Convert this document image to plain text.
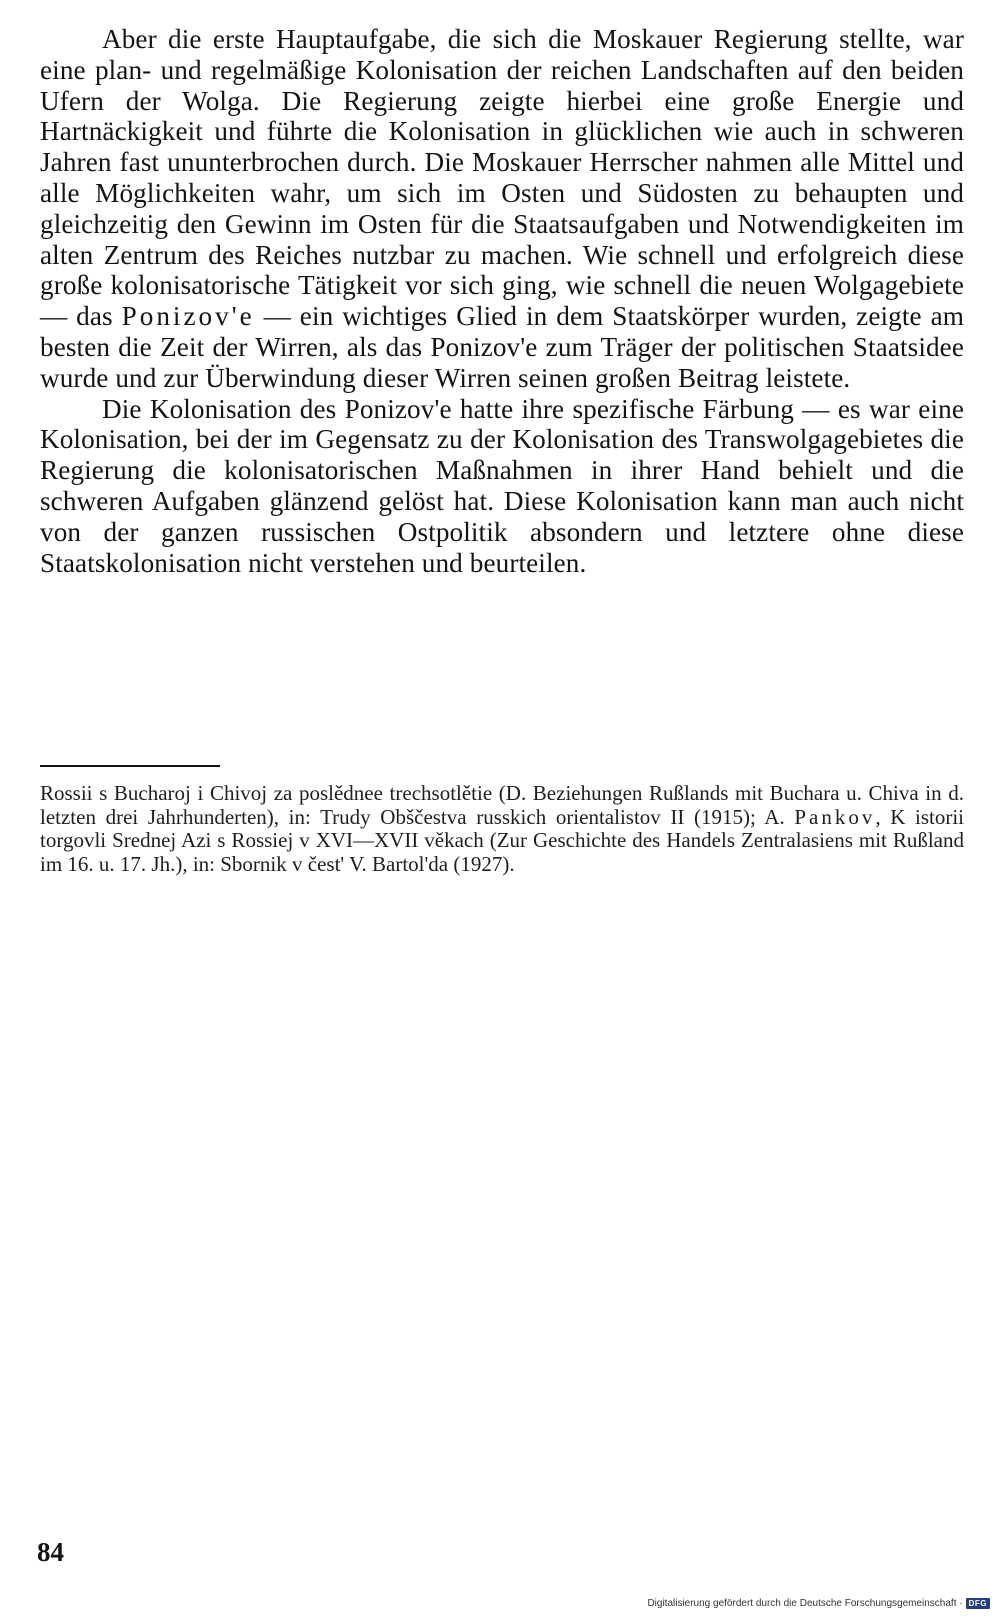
Aber die erste Hauptaufgabe, die sich die Moskauer Regierung stellte, war eine plan- und regelmäßige Kolonisation der reichen Landschaften auf den beiden Ufern der Wolga. Die Regierung zeigte hierbei eine große Energie und Hartnäckigkeit und führte die Kolonisation in glücklichen wie auch in schweren Jahren fast ununterbrochen durch. Die Moskauer Herrscher nahmen alle Mittel und alle Möglichkeiten wahr, um sich im Osten und Südosten zu behaupten und gleichzeitig den Gewinn im Osten für die Staatsaufgaben und Notwendigkeiten im alten Zentrum des Reiches nutzbar zu machen. Wie schnell und erfolgreich diese große kolonisatorische Tätigkeit vor sich ging, wie schnell die neuen Wolgagebiete — das Ponizov'e — ein wichtiges Glied in dem Staatskörper wurden, zeigte am besten die Zeit der Wirren, als das Ponizov'e zum Träger der politischen Staatsidee wurde und zur Überwindung dieser Wirren seinen großen Beitrag leistete.

Die Kolonisation des Ponizov'e hatte ihre spezifische Färbung — es war eine Kolonisation, bei der im Gegensatz zu der Kolonisation des Transwolgagebietes die Regierung die kolonisatorischen Maßnahmen in ihrer Hand behielt und die schweren Aufgaben glänzend gelöst hat. Diese Kolonisation kann man auch nicht von der ganzen russischen Ostpolitik absondern und letztere ohne diese Staatskolonisation nicht verstehen und beurteilen.

Rossii s Bucharoj i Chivoj za poslědnee trechsotlětie (D. Beziehungen Rußlands mit Buchara u. Chiva in d. letzten drei Jahrhunderten), in: Trudy Obščestva russkich orientalistov II (1915); A. Pankov, K istorii torgovli Srednej Azi s Rossiej v XVI—XVII věkach (Zur Geschichte des Handels Zentralasiens mit Rußland im 16. u. 17. Jh.), in: Sbornik v čest' V. Bartol'da (1927).

84
Digitalisierung gefördert durch die Deutsche Forschungsgemeinschaft · DFG
